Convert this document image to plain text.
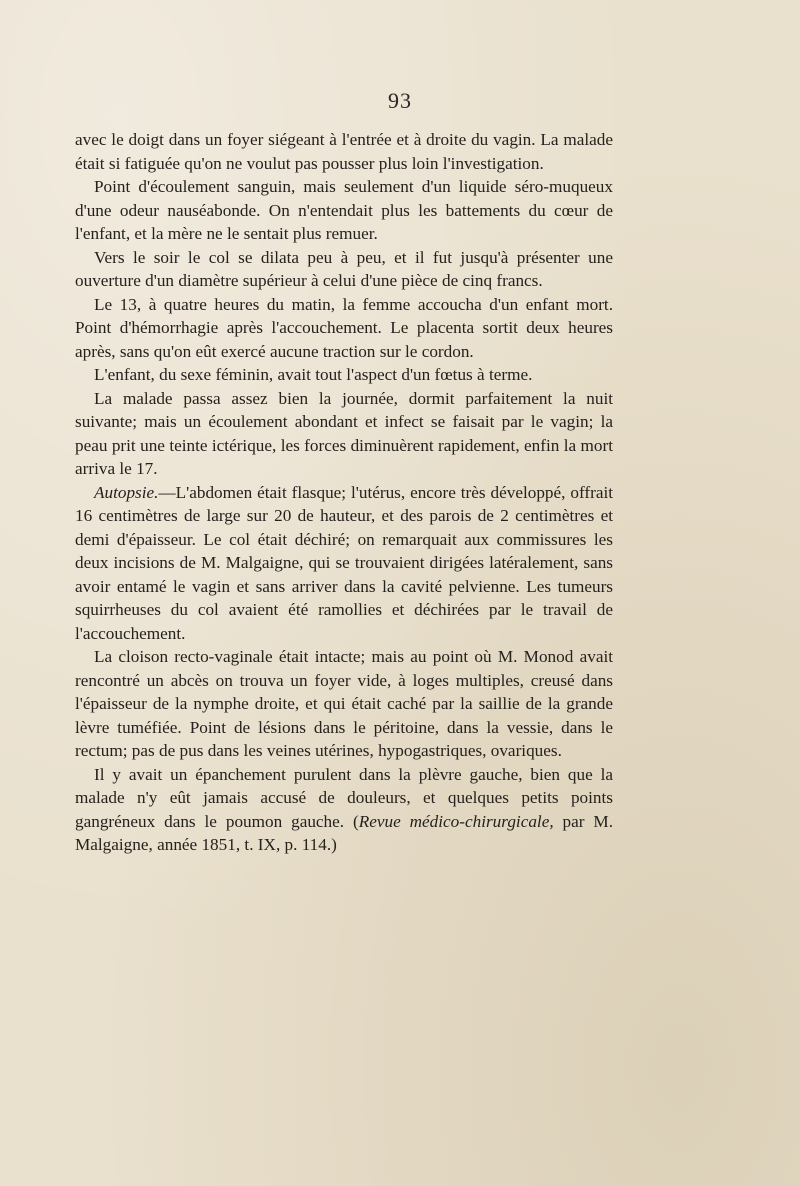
93

avec le doigt dans un foyer siégeant à l'entrée et à droite du vagin. La malade était si fatiguée qu'on ne voulut pas pousser plus loin l'investigation.

Point d'écoulement sanguin, mais seulement d'un liquide séro-muqueux d'une odeur nauséabonde. On n'entendait plus les battements du cœur de l'enfant, et la mère ne le sentait plus remuer.

Vers le soir le col se dilata peu à peu, et il fut jusqu'à présenter une ouverture d'un diamètre supérieur à celui d'une pièce de cinq francs.

Le 13, à quatre heures du matin, la femme accoucha d'un enfant mort. Point d'hémorrhagie après l'accouchement. Le placenta sortit deux heures après, sans qu'on eût exercé aucune traction sur le cordon.

L'enfant, du sexe féminin, avait tout l'aspect d'un fœtus à terme.

La malade passa assez bien la journée, dormit parfaitement la nuit suivante; mais un écoulement abondant et infect se faisait par le vagin; la peau prit une teinte ictérique, les forces diminuèrent rapidement, enfin la mort arriva le 17.

Autopsie.—L'abdomen était flasque; l'utérus, encore très développé, offrait 16 centimètres de large sur 20 de hauteur, et des parois de 2 centimètres et demi d'épaisseur. Le col était déchiré; on remarquait aux commissures les deux incisions de M. Malgaigne, qui se trouvaient dirigées latéralement, sans avoir entamé le vagin et sans arriver dans la cavité pelvienne. Les tumeurs squirrheuses du col avaient été ramollies et déchirées par le travail de l'accouchement.

La cloison recto-vaginale était intacte; mais au point où M. Monod avait rencontré un abcès on trouva un foyer vide, à loges multiples, creusé dans l'épaisseur de la nymphe droite, et qui était caché par la saillie de la grande lèvre tuméfiée. Point de lésions dans le péritoine, dans la vessie, dans le rectum; pas de pus dans les veines utérines, hypogastriques, ovariques.

Il y avait un épanchement purulent dans la plèvre gauche, bien que la malade n'y eût jamais accusé de douleurs, et quelques petits points gangréneux dans le poumon gauche. (Revue médico-chirurgicale, par M. Malgaigne, année 1851, t. IX, p. 114.)
